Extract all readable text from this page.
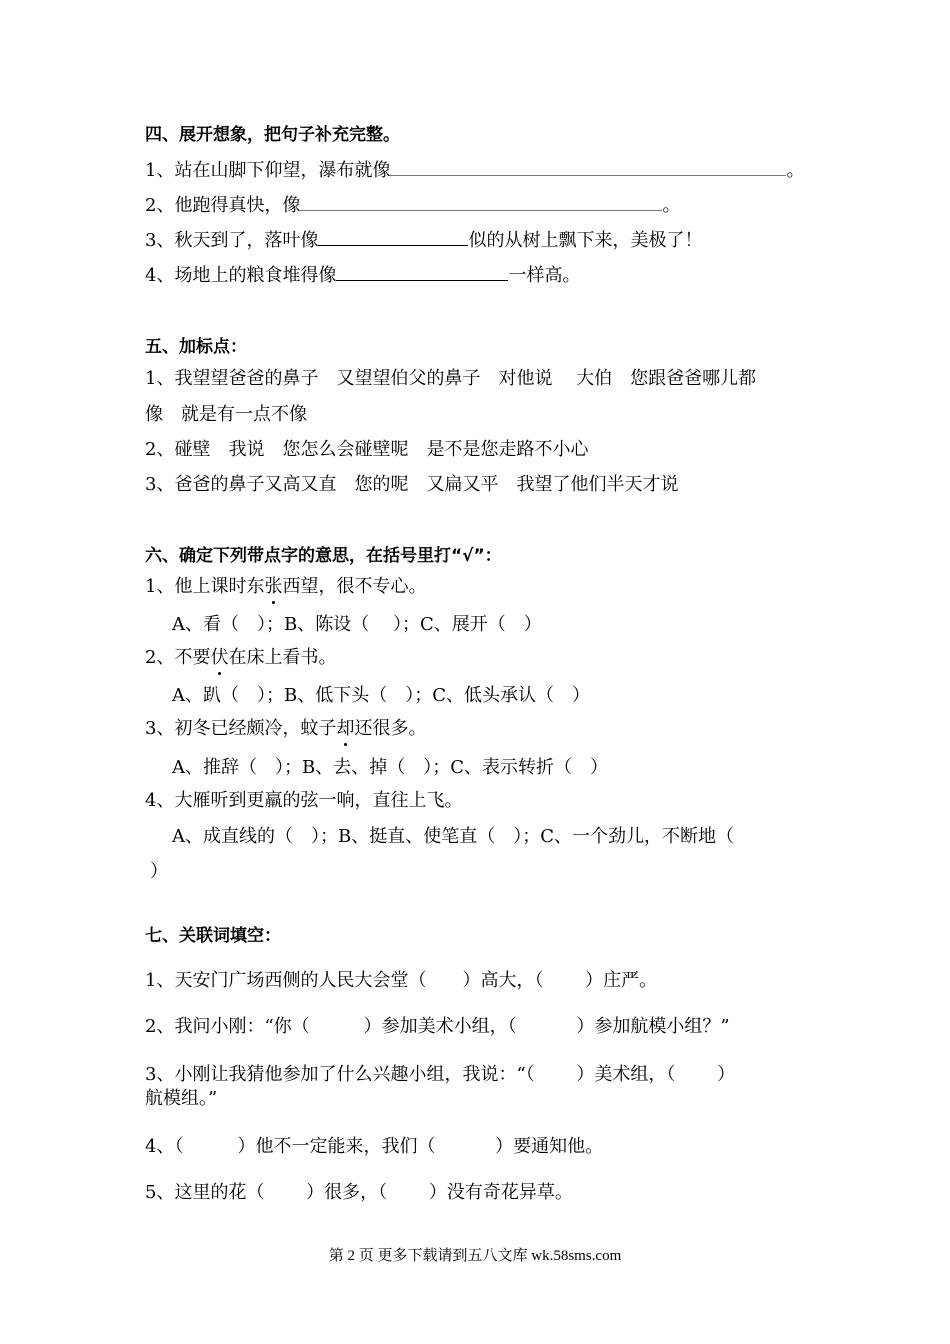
四、展开想象，把句子补充完整。
1、站在山脚下仰望，瀑布就像	。
2、他跑得真快，像	。
3、秋天到了，落叶像	似的从树上飘下来，美极了！
4、场地上的粮食堆得像	一样高。
五、加标点：
1、我望望爸爸的鼻子　又望望伯父的鼻子　对他说　 大伯　您跟爸爸哪儿都
像　就是有一点不像
2、碰壁　我说　您怎么会碰壁呢　是不是您走路不小心
3、爸爸的鼻子又高又直　您的呢　又扁又平　我望了他们半天才说
六、确定下列带点字的意思，在括号里打“√”：
1、他上课时东张西望，很不专心。
A、看（　）；B、陈设（　 ）；C、展开（　）
2、不要伏在床上看书。
A、趴（　）；B、低下头（　）；C、低头承认（　）
3、初冬已经颇冷，蚊子却还很多。
A、推辞（　）；B、去、掉（　）；C、表示转折（　）
4、大雁听到更羸的弦一响，直往上飞。
A、成直线的（　）；B、挺直、使笔直（　）；C、一个劲儿，不断地（
）
七、关联词填空：
1、天安门广场西侧的人民大会堂（　　）高大，（　　 ）庄严。
2、我问小刚：“你（　　　）参加美术小组，（　　　 ）参加航模小组？”
3、小刚让我猜他参加了什么兴趣小组，我说：“（　　 ）美术组，（　　 ）
航模组。”
4、（　　　）他不一定能来，我们（　　　 ）要通知他。
5、这里的花（　　 ）很多，（　　 ）没有奇花异草。
第 2 页 更多下载请到五八文库 wk.58sms.com
